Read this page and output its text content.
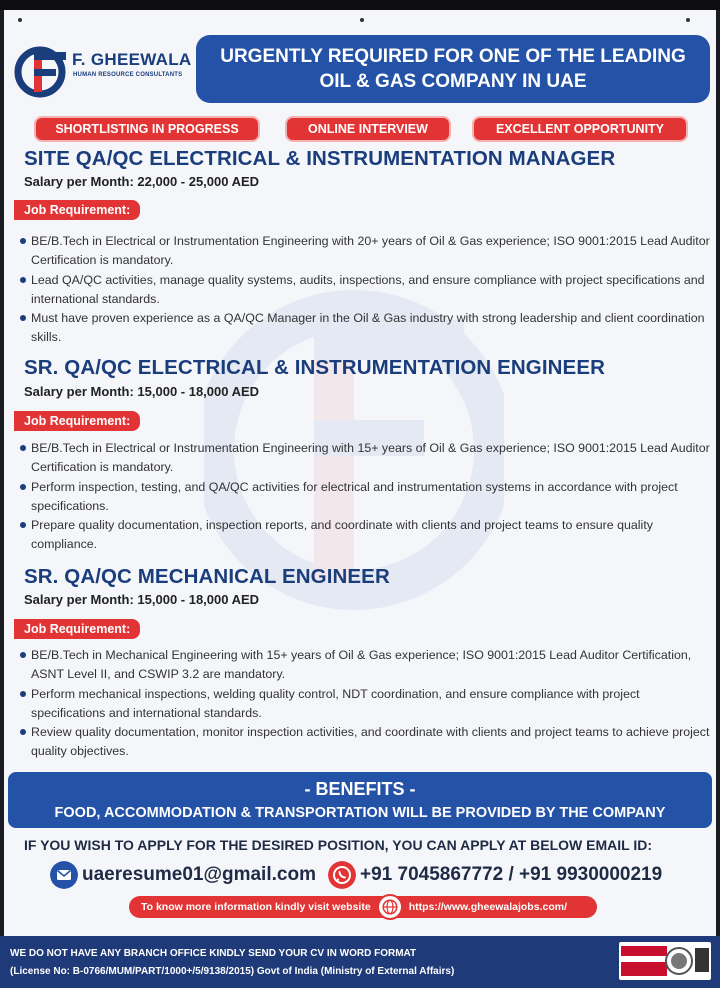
F. GHEEWALA
HUMAN RESOURCE CONSULTANTS
URGENTLY REQUIRED FOR ONE OF THE LEADING
OIL & GAS COMPANY IN UAE
SHORTLISTING IN PROGRESS	ONLINE INTERVIEW	EXCELLENT OPPORTUNITY
SITE QA/QC ELECTRICAL & INSTRUMENTATION MANAGER
Salary per Month: 22,000 - 25,000 AED
Job Requirement:
BE/B.Tech in Electrical or Instrumentation Engineering with 20+ years of Oil & Gas experience; ISO 9001:2015 Lead Auditor Certification is mandatory.
Lead QA/QC activities, manage quality systems, audits, inspections, and ensure compliance with project specifications and international standards.
Must have proven experience as a QA/QC Manager in the Oil & Gas industry with strong leadership and client coordination skills.
SR. QA/QC ELECTRICAL & INSTRUMENTATION ENGINEER
Salary per Month: 15,000 - 18,000 AED
Job Requirement:
BE/B.Tech in Electrical or Instrumentation Engineering with 15+ years of Oil & Gas experience; ISO 9001:2015 Lead Auditor Certification is mandatory.
Perform inspection, testing, and QA/QC activities for electrical and instrumentation systems in accordance with project specifications.
Prepare quality documentation, inspection reports, and coordinate with clients and project teams to ensure quality compliance.
SR. QA/QC MECHANICAL ENGINEER
Salary per Month: 15,000 - 18,000 AED
Job Requirement:
BE/B.Tech in Mechanical Engineering with 15+ years of Oil & Gas experience; ISO 9001:2015 Lead Auditor Certification, ASNT Level II, and CSWIP 3.2 are mandatory.
Perform mechanical inspections, welding quality control, NDT coordination, and ensure compliance with project specifications and international standards.
Review quality documentation, monitor inspection activities, and coordinate with clients and project teams to achieve project quality objectives.
- BENEFITS -
FOOD, ACCOMMODATION & TRANSPORTATION WILL BE PROVIDED BY THE COMPANY
IF YOU WISH TO APPLY FOR THE DESIRED POSITION, YOU CAN APPLY AT BELOW EMAIL ID:
uaeresume01@gmail.com +91 7045867772 / +91 9930000219
To know more information kindly visit website	https://www.gheewalajobs.com/
WE DO NOT HAVE ANY BRANCH OFFICE KINDLY SEND YOUR CV IN WORD FORMAT
(License No: B-0766/MUM/PART/1000+/5/9138/2015) Govt of India (Ministry of External Affairs)
